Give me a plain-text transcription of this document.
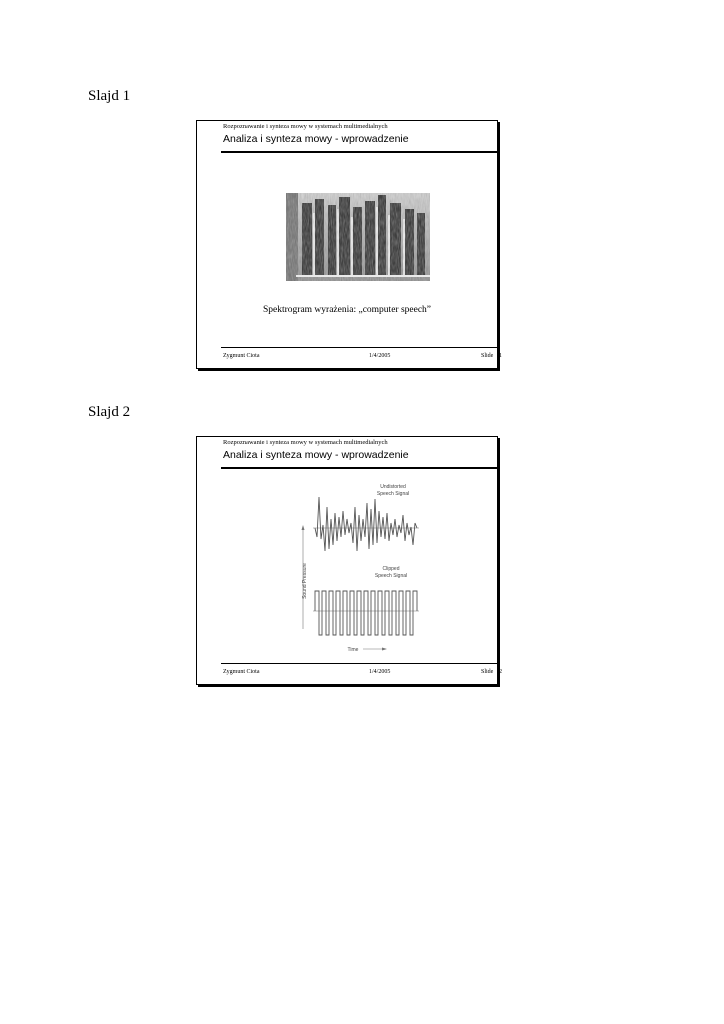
Slajd 1
Rozpoznawanie i synteza mowy w systemach multimedialnych
Analiza i synteza mowy - wprowadzenie
Spektrogram wyrażenia: „computer speech”
Zygmunt Ciota	1/4/2005	Slide 1
Slajd 2
Rozpoznawanie i synteza mowy w systemach multimedialnych
Analiza i synteza mowy - wprowadzenie
Undistorted
Speech Signal
Sound Pressure	Clipped
Speech Signal
Time
Zygmunt Ciota	1/4/2005	Slide 2
